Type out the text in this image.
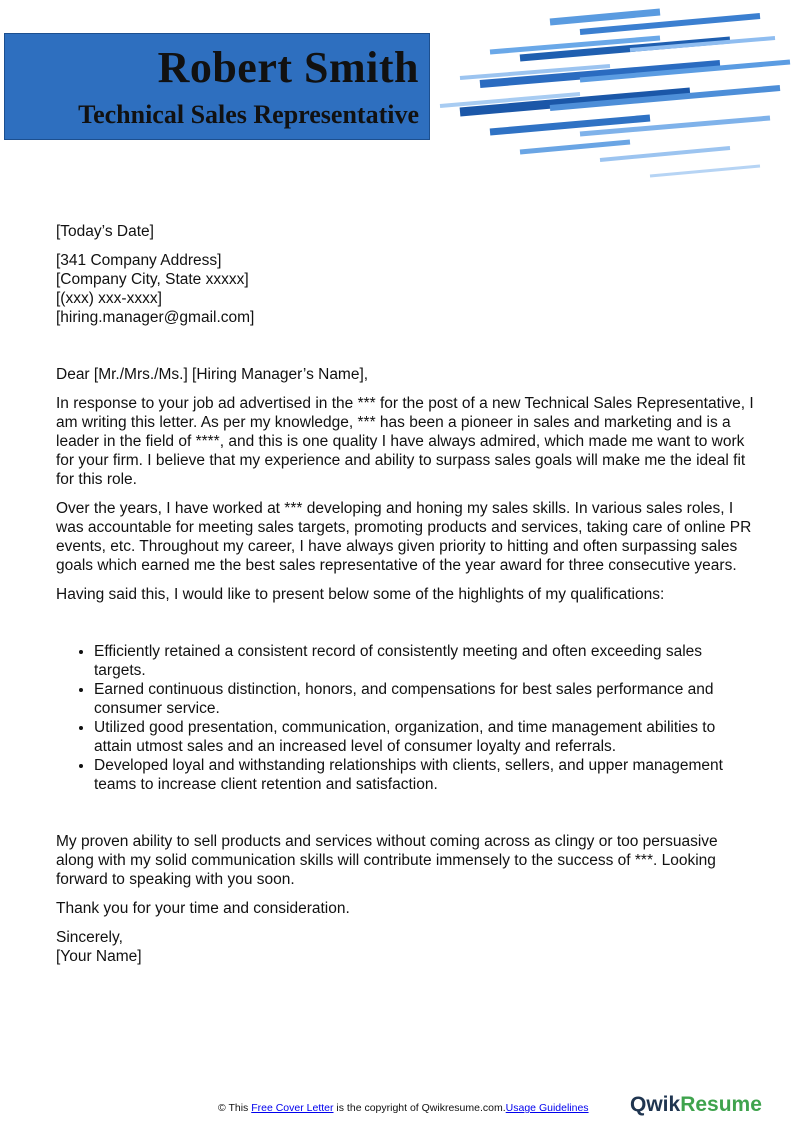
Robert Smith
Technical Sales Representative

[Today’s Date]

[341 Company Address]

[Company City, State xxxxx]

[(xxx) xxx-xxxx]

[hiring.manager@gmail.com]

Dear [Mr./Mrs./Ms.] [Hiring Manager’s Name],

In response to your job ad advertised in the *** for the post of a new Technical Sales Representative, I am writing this letter. As per my knowledge, *** has been a pioneer in sales and marketing and is a leader in the field of ****, and this is one quality I have always admired, which made me want to work for your firm. I believe that my experience and ability to surpass sales goals will make me the ideal fit for this role.

Over the years, I have worked at *** developing and honing my sales skills. In various sales roles, I was accountable for meeting sales targets, promoting products and services, taking care of online PR events, etc. Throughout my career, I have always given priority to hitting and often surpassing sales goals which earned me the best sales representative of the year award for three consecutive years.

Having said this, I would like to present below some of the highlights of my qualifications:

• Efficiently retained a consistent record of consistently meeting and often exceeding sales targets.
• Earned continuous distinction, honors, and compensations for best sales performance and consumer service.
• Utilized good presentation, communication, organization, and time management abilities to attain utmost sales and an increased level of consumer loyalty and referrals.
• Developed loyal and withstanding relationships with clients, sellers, and upper management teams to increase client retention and satisfaction.

My proven ability to sell products and services without coming across as clingy or too persuasive along with my solid communication skills will contribute immensely to the success of ***. Looking forward to speaking with you soon.

Thank you for your time and consideration.

Sincerely,

[Your Name]

© This Free Cover Letter is the copyright of Qwikresume.com.Usage Guidelines QwikResume
